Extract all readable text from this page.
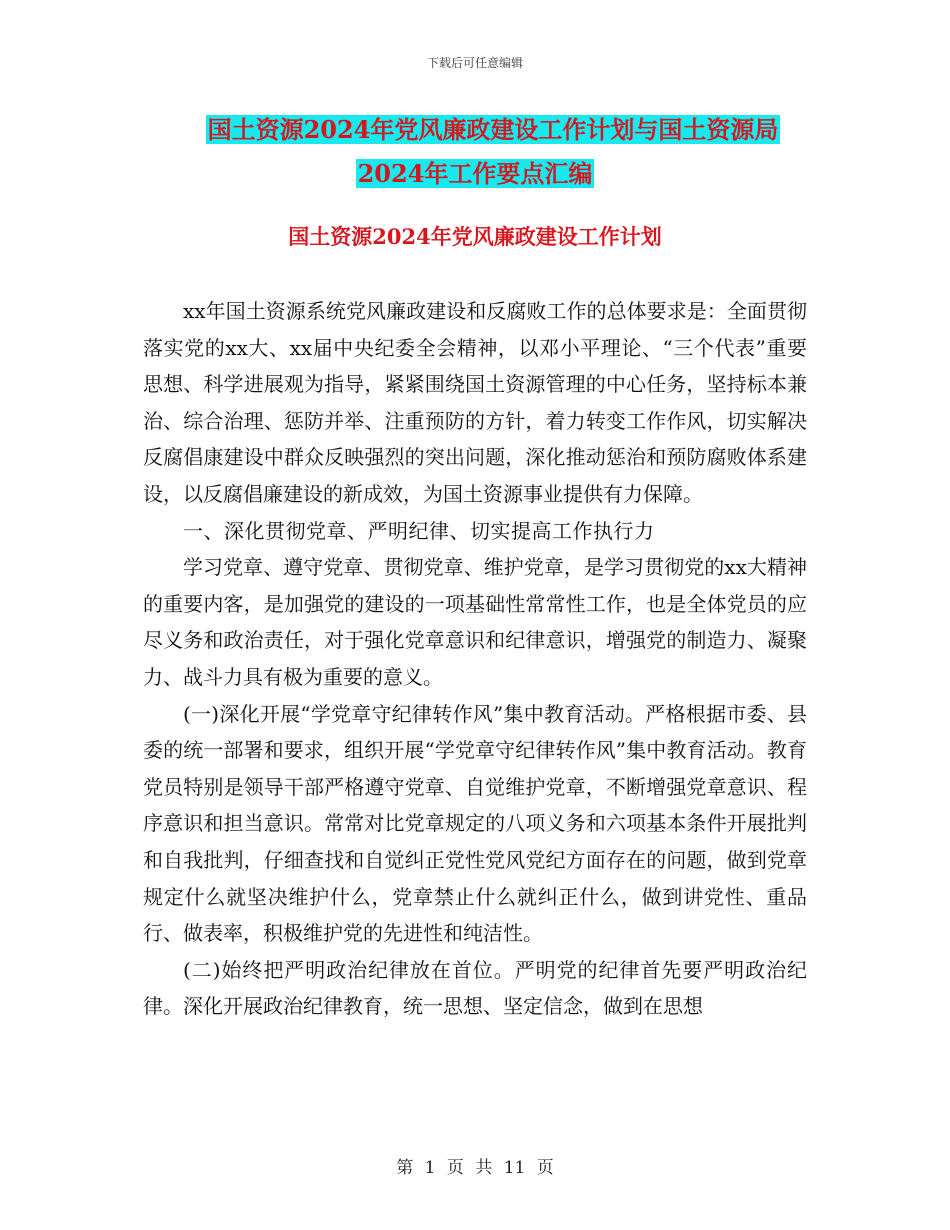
下载后可任意编辑
国土资源2024年党风廉政建设工作计划与国土资源局
2024年工作要点汇编
国土资源2024年党风廉政建设工作计划

xx年国土资源系统党风廉政建设和反腐败工作的总体要求是：全面贯彻落实党的xx大、xx届中央纪委全会精神，以邓小平理论、“三个代表”重要思想、科学进展观为指导，紧紧围绕国土资源管理的中心任务，坚持标本兼治、综合治理、惩防并举、注重预防的方针，着力转变工作作风，切实解决反腐倡康建设中群众反映强烈的突出问题，深化推动惩治和预防腐败体系建设，以反腐倡廉建设的新成效，为国土资源事业提供有力保障。

一、深化贯彻党章、严明纪律、切实提高工作执行力

学习党章、遵守党章、贯彻党章、维护党章，是学习贯彻党的xx大精神的重要内客，是加强党的建设的一项基础性常常性工作，也是全体党员的应尽义务和政治责任，对于强化党章意识和纪律意识，增强党的制造力、凝聚力、战斗力具有极为重要的意义。

(一)深化开展“学党章守纪律转作风”集中教育活动。严格根据市委、县委的统一部署和要求，组织开展“学党章守纪律转作风”集中教育活动。教育党员特别是领导干部严格遵守党章、自觉维护党章，不断增强党章意识、程序意识和担当意识。常常对比党章规定的八项义务和六项基本条件开展批判和自我批判，仔细查找和自觉纠正党性党风党纪方面存在的问题，做到党章规定什么就坚决维护什么，党章禁止什么就纠正什么，做到讲党性、重品行、做表率，积极维护党的先进性和纯洁性。

(二)始终把严明政治纪律放在首位。严明党的纪律首先要严明政治纪律。深化开展政治纪律教育，统一思想、坚定信念，做到在思想

第 1 页 共 11 页
